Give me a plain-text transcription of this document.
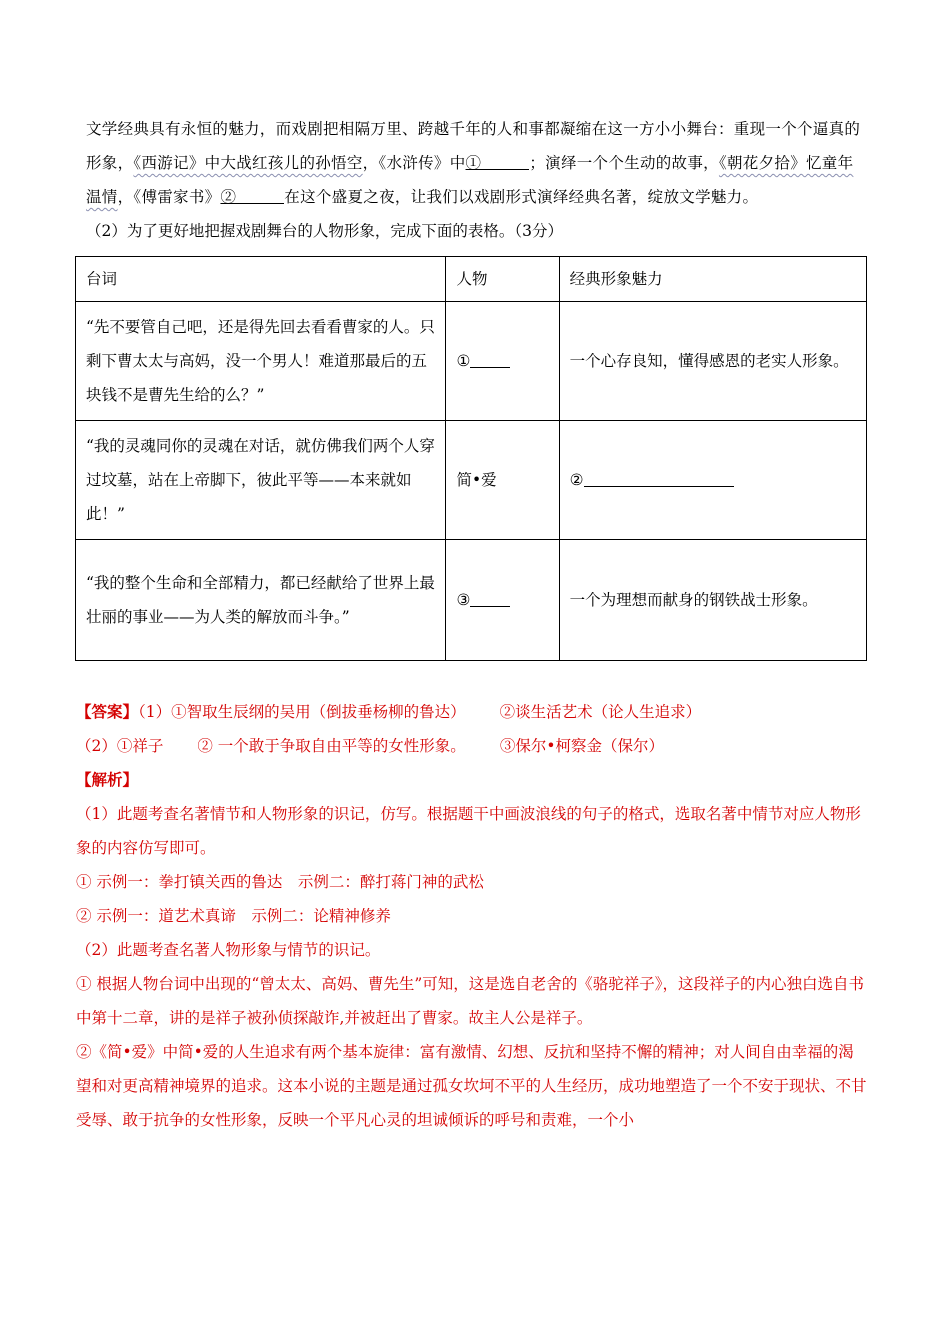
文学经典具有永恒的魅力，而戏剧把相隔万里、跨越千年的人和事都凝缩在这一方小小舞台：重现一个个逼真的形象，《西游记》中大战红孩儿的孙悟空，《水浒传》中①	；演绎一个个生动的故事，《朝花夕拾》忆童年温情，《傅雷家书》②	在这个盛夏之夜，让我们以戏剧形式演绎经典名著，绽放文学魅力。

（2）为了更好地把握戏剧舞台的人物形象，完成下面的表格。（3分）

台词	人物	经典形象魅力
“先不要管自己吧，还是得先回去看看曹家的人。只剩下曹太太与高妈，没一个男人！难道那最后的五块钱不是曹先生给的么？”	①	一个心存良知，懂得感恩的老实人形象。
“我的灵魂同你的灵魂在对话，就仿佛我们两个人穿过坟墓，站在上帝脚下，彼此平等——本来就如此！”	简•爱	②
“我的整个生命和全部精力，都已经献给了世界上最壮丽的事业——为人类的解放而斗争。”	③	一个为理想而献身的钢铁战士形象。

【答案】（1）①智取生辰纲的吴用（倒拔垂杨柳的鲁达） ②谈生活艺术（论人生追求）

（2）①祥子 ② 一个敢于争取自由平等的女性形象。 ③保尔•柯察金（保尔）

【解析】

（1）此题考查名著情节和人物形象的识记，仿写。根据题干中画波浪线的句子的格式，选取名著中情节对应人物形象的内容仿写即可。

① 示例一：拳打镇关西的鲁达　示例二：醉打蒋门神的武松

② 示例一：道艺术真谛　示例二：论精神修养

（2）此题考查名著人物形象与情节的识记。

① 根据人物台词中出现的“曾太太、高妈、曹先生”可知，这是选自老舍的《骆驼祥子》，这段祥子的内心独白选自书中第十二章，讲的是祥子被孙侦探敲诈,并被赶出了曹家。故主人公是祥子。

②《简•爱》中简•爱的人生追求有两个基本旋律：富有激情、幻想、反抗和坚持不懈的精神；对人间自由幸福的渴望和对更高精神境界的追求。这本小说的主题是通过孤女坎坷不平的人生经历，成功地塑造了一个不安于现状、不甘受辱、敢于抗争的女性形象，反映一个平凡心灵的坦诚倾诉的呼号和责难，一个小
